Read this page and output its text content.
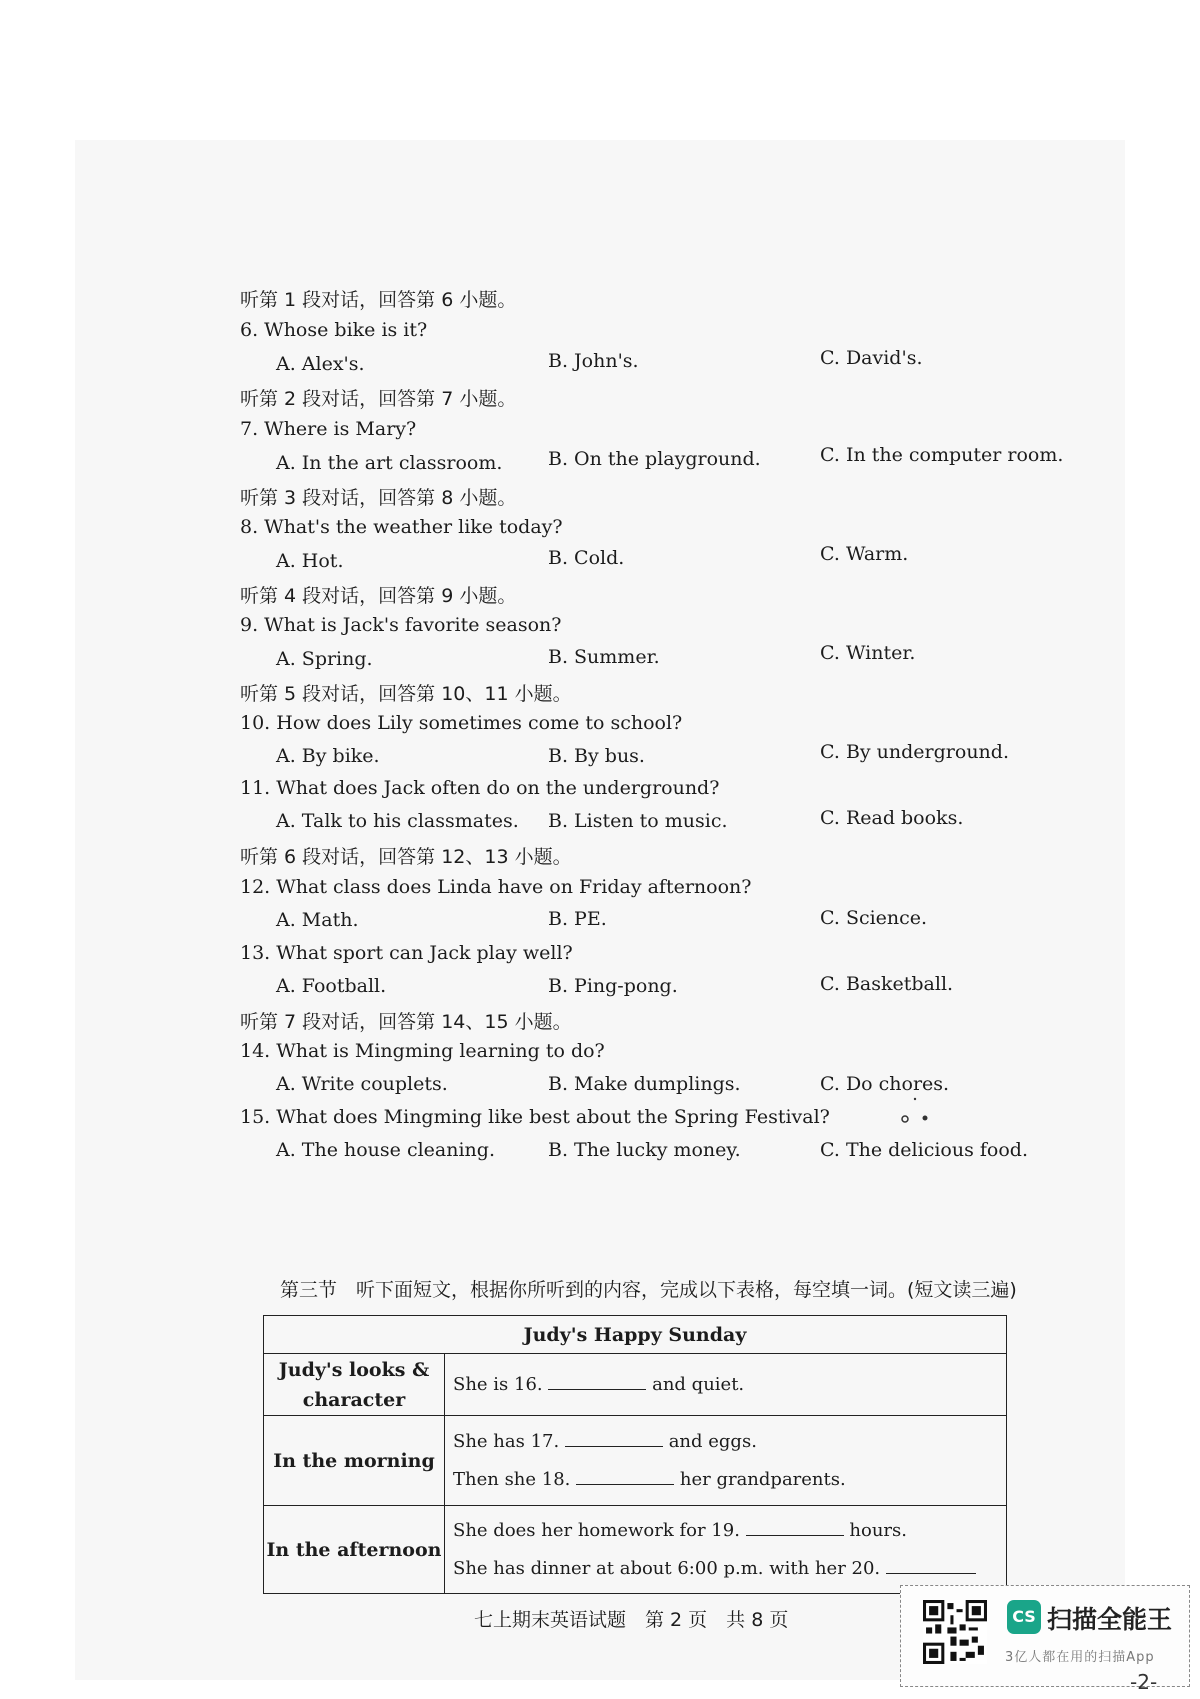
听第 1 段对话，回答第 6 小题。
6. Whose bike is it?
A. Alex's.	B. John's.	C. David's.
听第 2 段对话，回答第 7 小题。
7. Where is Mary?
A. In the art classroom. B. On the playground.	C. In the computer room.
听第 3 段对话，回答第 8 小题。
8. What's the weather like today?
A. Hot.	B. Cold.	C. Warm.
听第 4 段对话，回答第 9 小题。
9. What is Jack's favorite season?
A. Spring.	B. Summer.	C. Winter.
听第 5 段对话，回答第 10、11 小题。
10. How does Lily sometimes come to school?
A. By bike.	B. By bus.	C. By underground.
11. What does Jack often do on the underground?
A. Talk to his classmates. B. Listen to music.	C. Read books.
听第 6 段对话，回答第 12、13 小题。
12. What class does Linda have on Friday afternoon?
A. Math.	B. PE.	C. Science.
13. What sport can Jack play well?
A. Football.	B. Ping-pong.	C. Basketball.
听第 7 段对话，回答第 14、15 小题。
14. What is Mingming learning to do?
A. Write couplets.	B. Make dumplings.	C. Do chores.
15. What does Mingming like best about the Spring Festival?
A. The house cleaning.	B. The lucky money.	C. The delicious food.
第三节　听下面短文，根据你所听到的内容，完成以下表格，每空填一词。(短文读三遍)
Judy's Happy Sunday	

Judy's looks &
character	She is 16. and quiet.

In the morning	She has 17. and eggs.
Then she 18. her grandparents.

In the afternoon	She does her homework for 19. hours.
She has dinner at about 6:00 p.m. with her 20.
七上期末英语试题　第 2 页　共 8 页	CS 扫描全能王
3亿人都在用的扫描App
-2-
